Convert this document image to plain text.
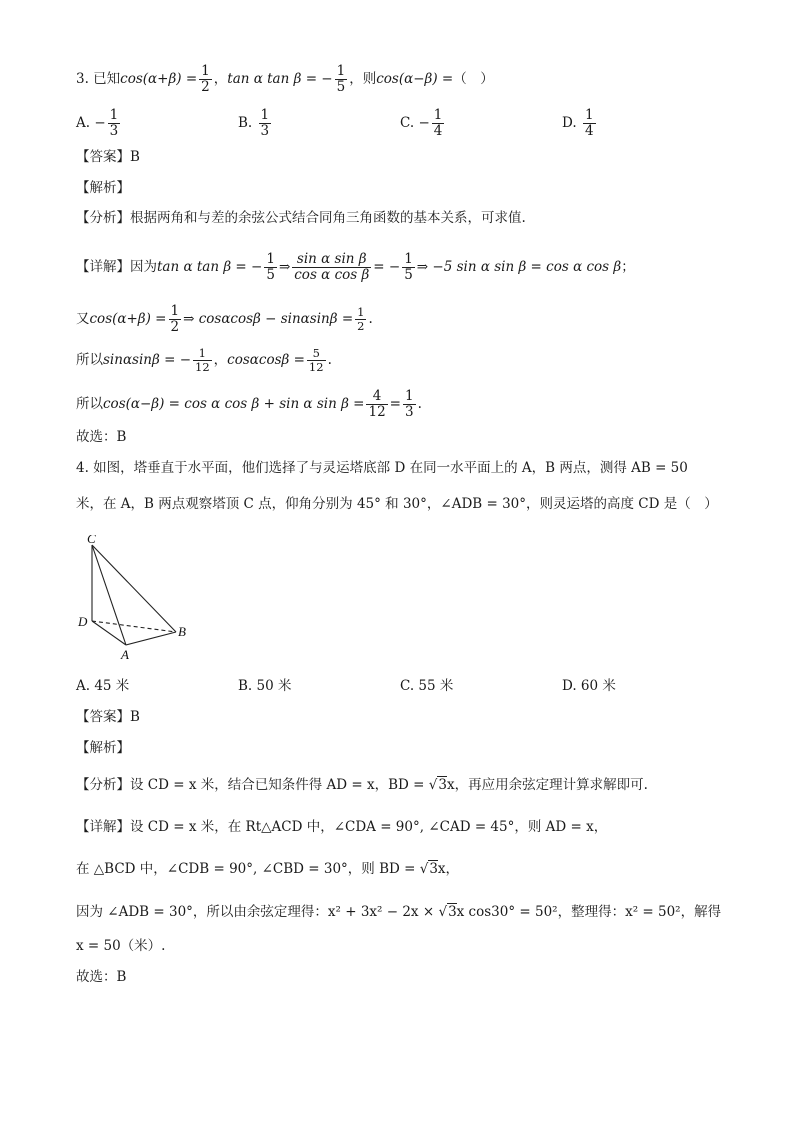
3. 已知$\cos(\alpha+\beta) = \frac{1}{2}$ ，tan α tan β = − $\frac{1}{5}$ ，则cos(α−β) =（　）
A. − $\frac{1}{3}$	B. $\frac{1}{3}$	C. − $\frac{1}{4}$	D. $\frac{1}{4}$
【答案】B
【解析】
【分析】根据两角和与差的余弦公式结合同角三角函数的基本关系，可求值.
【详解】因为tan α tan β = − $\frac{1}{5}$ ⇒ $\frac{\text{sin α sin β}}{\text{cos α cos β}}$ = − $\frac{1}{5}$ ⇒ −5 sin α sin β = cos α cos β；
又$\cos(\alpha+\beta) = \frac{1}{2}$ ⇒ $\cos\alpha\cos\beta - \sin\alpha\sin\beta = \frac{1}{2}$ .
所以sinαsinβ = − $\frac{1}{12}$ ，$\cos\alpha\cos\beta = \frac{5}{12}$ .
所以cos(α−β) = cos α cos β + sin α $\sin \beta = \frac{4}{12} = \frac{1}{3}$ .
故选：B
4. 如图，塔垂直于水平面，他们选择了与灵运塔底部 D 在同一水平面上的 A，B 两点，测得 AB = 50
米，在 A，B 两点观察塔顶 C 点，仰角分别为 45° 和 30°，∠ADB = 30°，则灵运塔的高度 CD 是（　）
C
D
A
B
A. 45 米	B. 50 米	C. 55 米	D. 60 米
【答案】B
【解析】
【分析】设 CD = x 米，结合已知条件得 AD = x，BD = √3x，再应用余弦定理计算求解即可.
【详解】设 CD = x 米，在 Rt△ACD 中，∠CDA = 90°, ∠CAD = 45°，则 AD = x，
在 △BCD 中，∠CDB = 90°, ∠CBD = 30°，则 BD = √3x，
因为 ∠ADB = 30°，所以由余弦定理得：x² + 3x² − 2x × √3x cos30° = 50²，整理得：x² = 50²，解得
x = 50（米）.
故选：B
